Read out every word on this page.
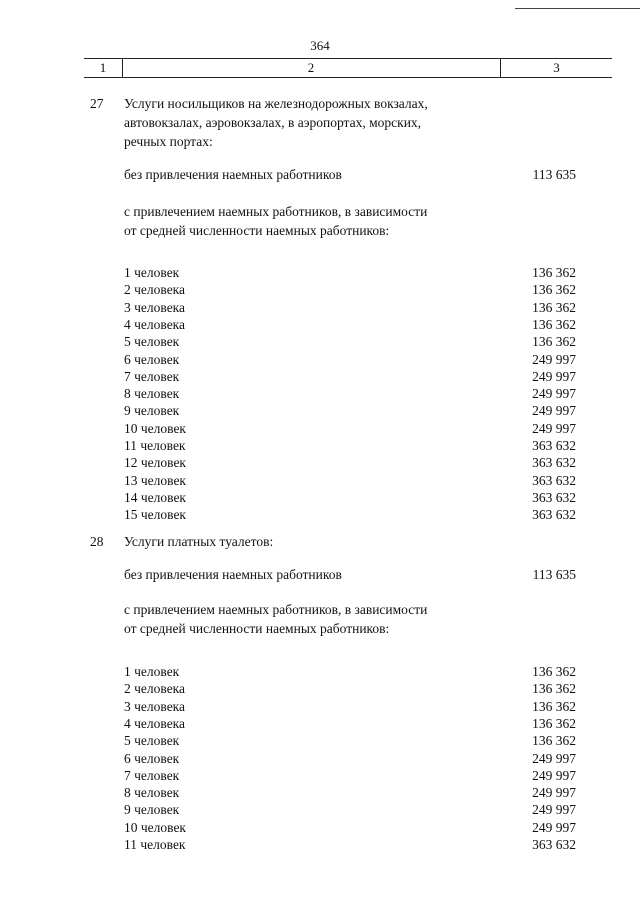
364
1	2	3
27 Услуги носильщиков на железнодорожных вокзалах,
автовокзалах, аэровокзалах, в аэропортах, морских,
речных портах:
без привлечения наемных работников	113 635
с привлечением наемных работников, в зависимости
от средней численности наемных работников:
1 человек	136 362
2 человека	136 362
3 человека	136 362
4 человека	136 362
5 человек	136 362
6 человек	249 997
7 человек	249 997
8 человек	249 997
9 человек	249 997
10 человек	249 997
11 человек	363 632
12 человек	363 632
13 человек	363 632
14 человек	363 632
15 человек	363 632
28 Услуги платных туалетов:
без привлечения наемных работников	113 635
с привлечением наемных работников, в зависимости
от средней численности наемных работников:
1 человек	136 362
2 человека	136 362
3 человека	136 362
4 человека	136 362
5 человек	136 362
6 человек	249 997
7 человек	249 997
8 человек	249 997
9 человек	249 997
10 человек	249 997
11 человек	363 632
